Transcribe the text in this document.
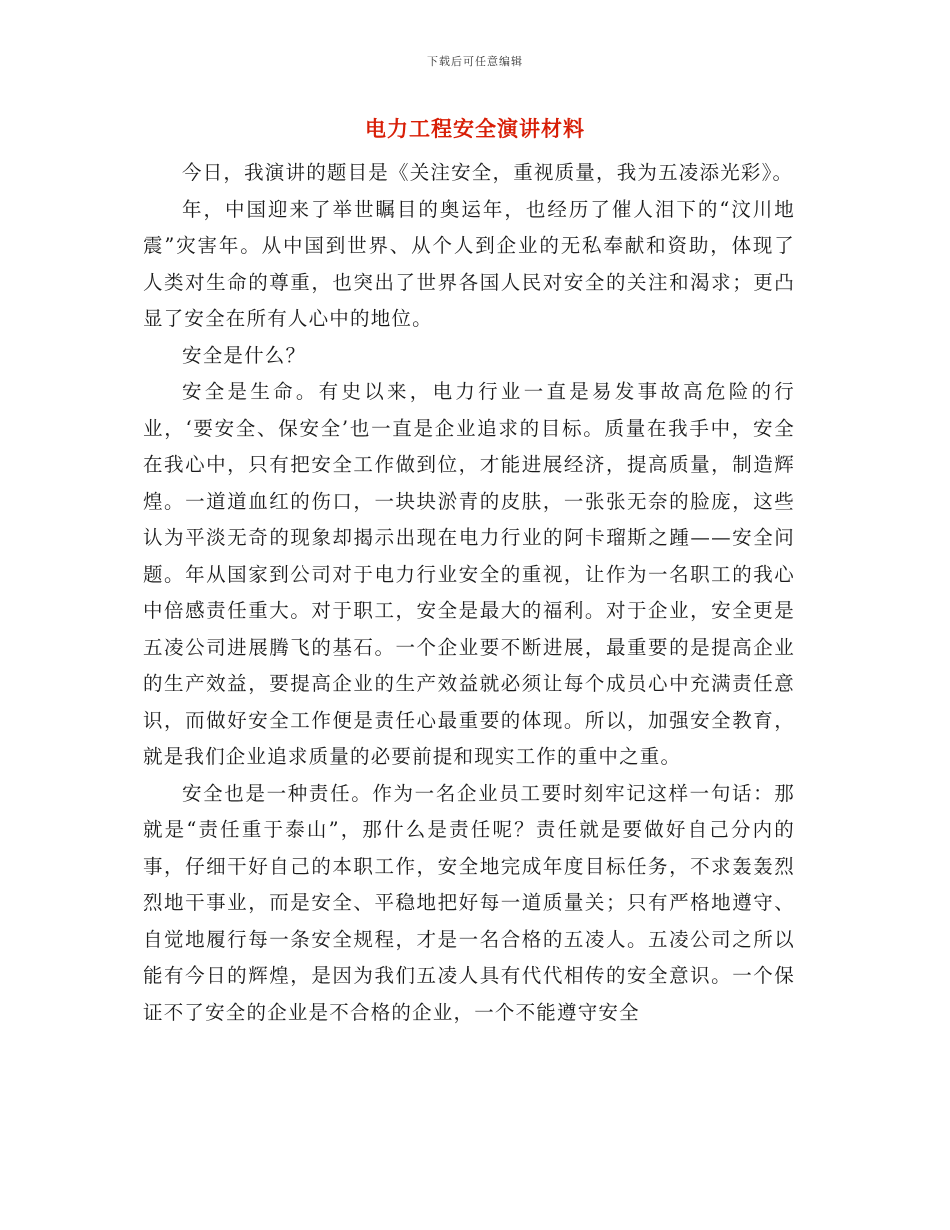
下载后可任意编辑
电力工程安全演讲材料

今日，我演讲的题目是《关注安全，重视质量，我为五凌添光彩》。

年，中国迎来了举世瞩目的奥运年，也经历了催人泪下的“汶川地震”灾害年。从中国到世界、从个人到企业的无私奉献和资助，体现了人类对生命的尊重，也突出了世界各国人民对安全的关注和渴求；更凸显了安全在所有人心中的地位。

安全是什么？

安全是生命。有史以来，电力行业一直是易发事故高危险的行业，‘要安全、保安全’也一直是企业追求的目标。质量在我手中，安全在我心中，只有把安全工作做到位，才能进展经济，提高质量，制造辉煌。一道道血红的伤口，一块块淤青的皮肤，一张张无奈的脸庞，这些认为平淡无奇的现象却揭示出现在电力行业的阿卡瑠斯之踵——安全问题。年从国家到公司对于电力行业安全的重视，让作为一名职工的我心中倍感责任重大。对于职工，安全是最大的福利。对于企业，安全更是五凌公司进展腾飞的基石。一个企业要不断进展，最重要的是提高企业的生产效益，要提高企业的生产效益就必须让每个成员心中充满责任意识，而做好安全工作便是责任心最重要的体现。所以，加强安全教育，就是我们企业追求质量的必要前提和现实工作的重中之重。

安全也是一种责任。作为一名企业员工要时刻牢记这样一句话：那就是“责任重于泰山”，那什么是责任呢？责任就是要做好自己分内的事，仔细干好自己的本职工作，安全地完成年度目标任务，不求轰轰烈烈地干事业，而是安全、平稳地把好每一道质量关；只有严格地遵守、自觉地履行每一条安全规程，才是一名合格的五凌人。五凌公司之所以能有今日的辉煌，是因为我们五凌人具有代代相传的安全意识。一个保证不了安全的企业是不合格的企业，一个不能遵守安全
